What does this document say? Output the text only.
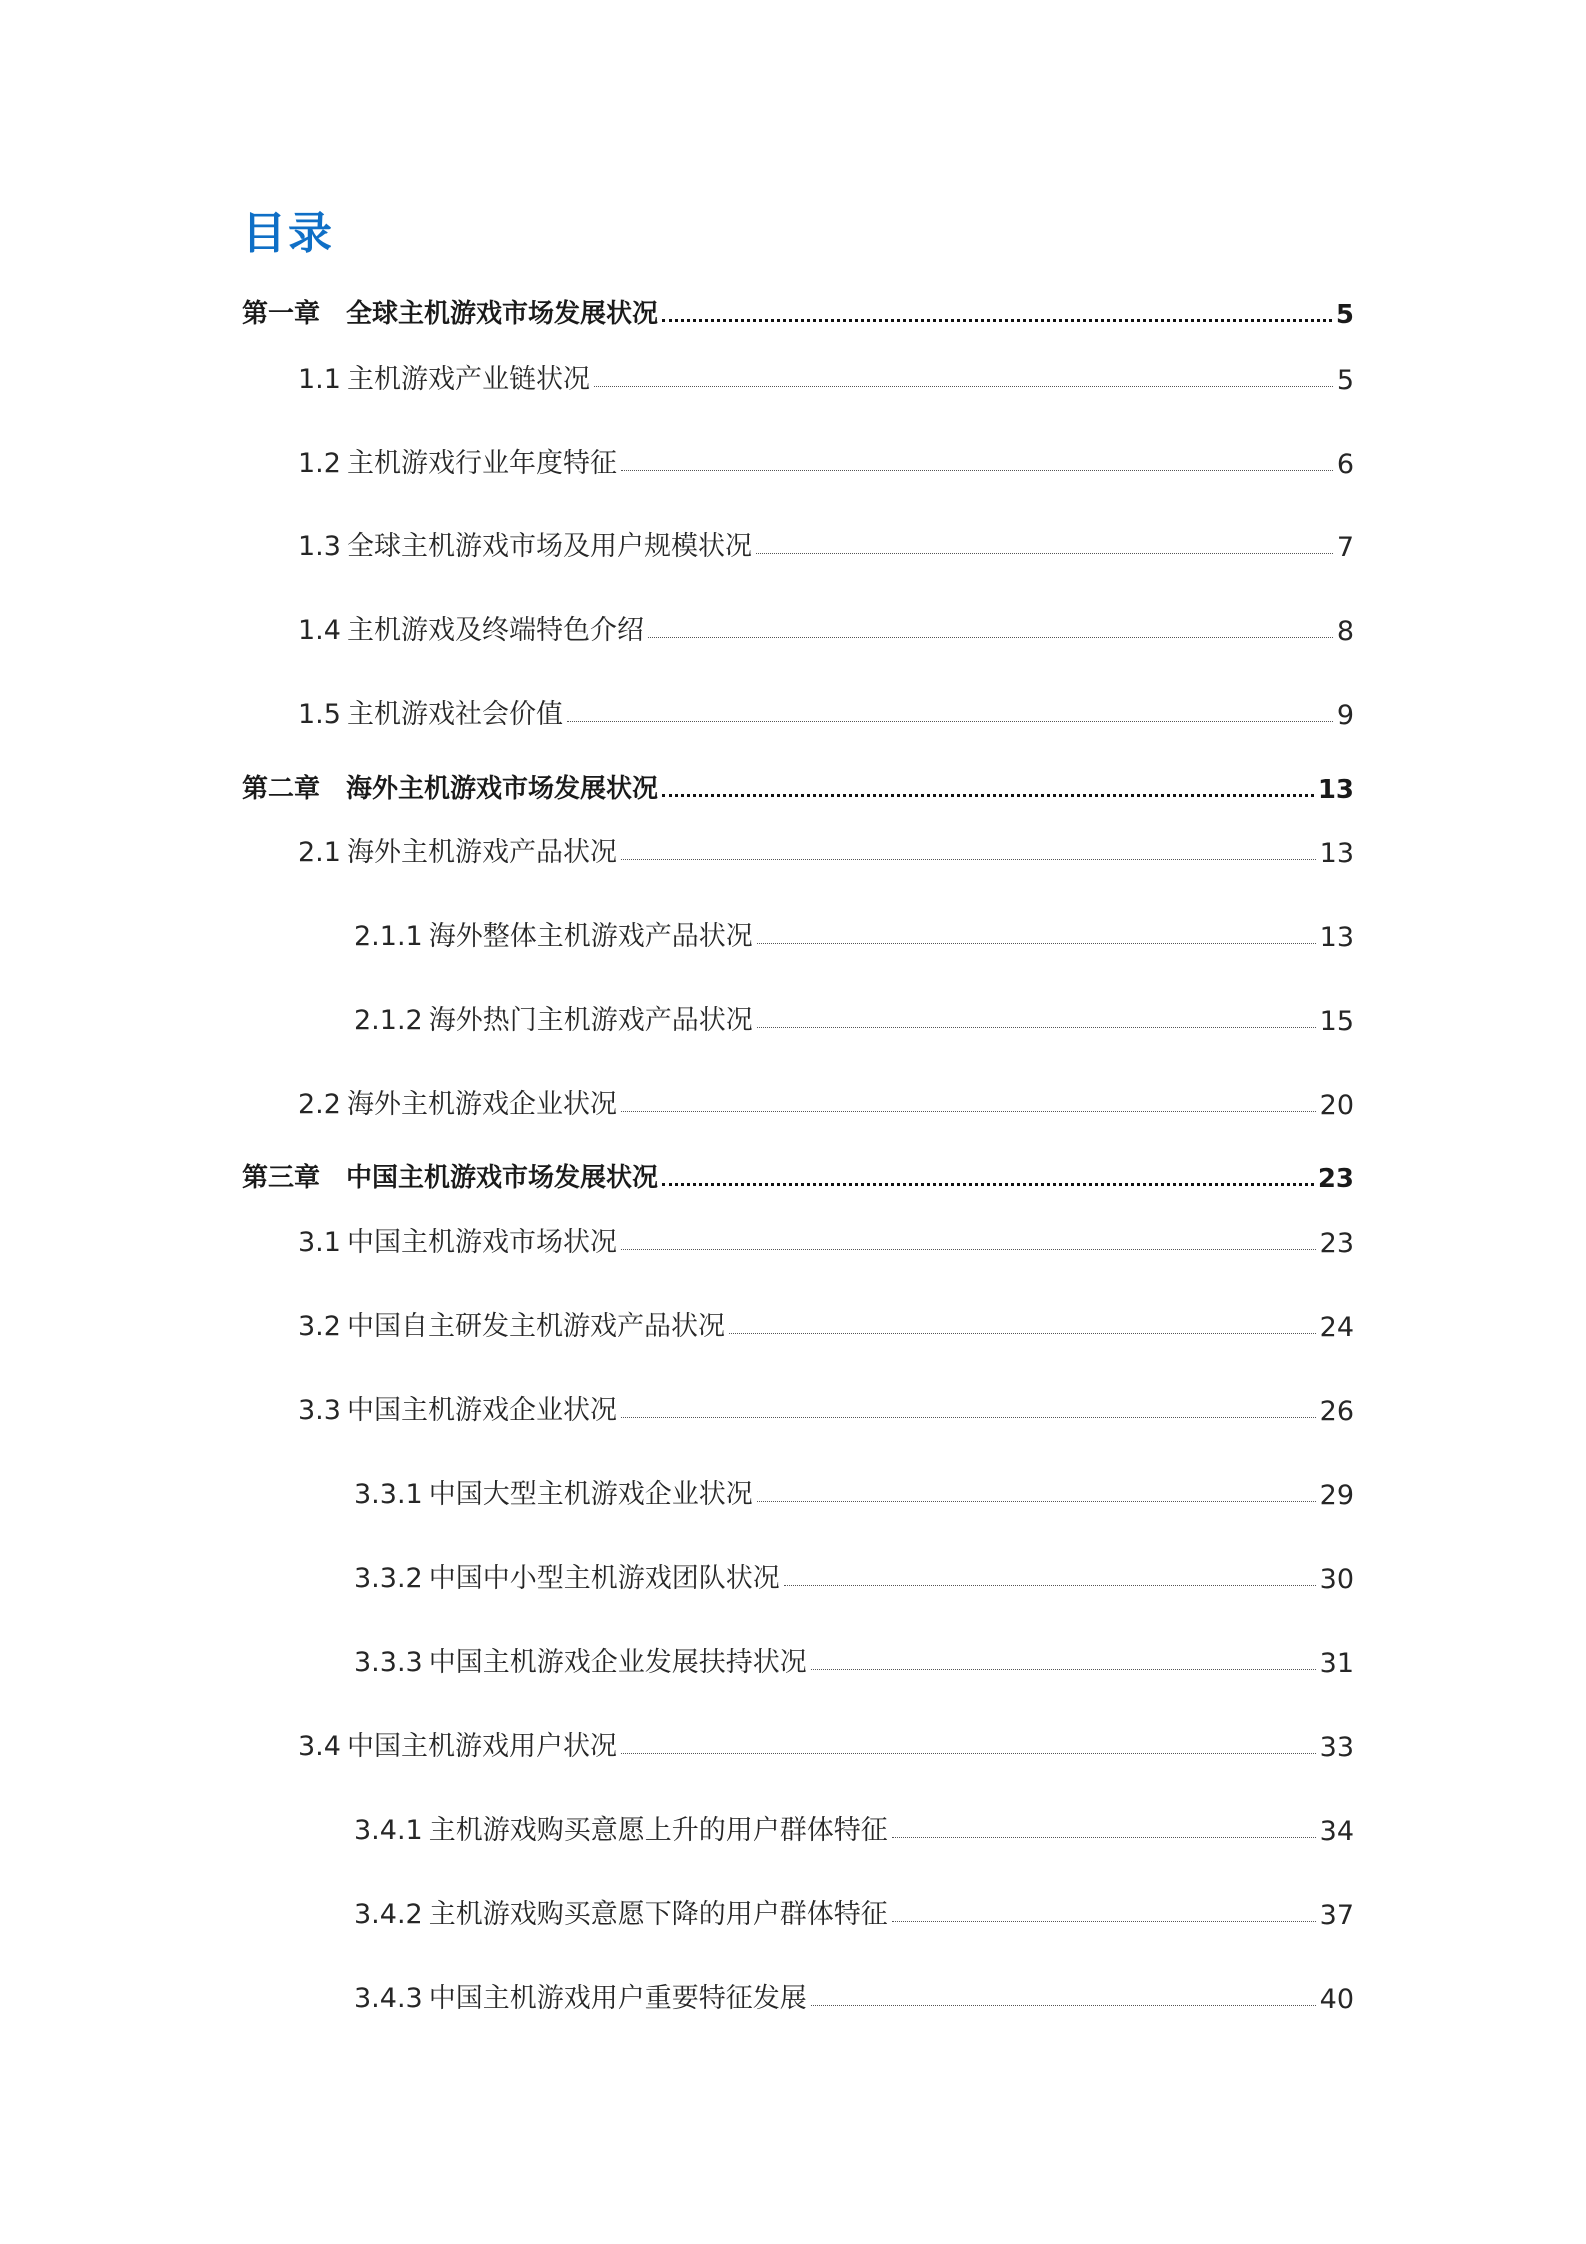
目录
第一章 全球主机游戏市场发展状况	5
1.1 主机游戏产业链状况	5
1.2 主机游戏行业年度特征	6
1.3 全球主机游戏市场及用户规模状况	7
1.4 主机游戏及终端特色介绍	8
1.5 主机游戏社会价值	9
第二章 海外主机游戏市场发展状况	13
2.1 海外主机游戏产品状况	13
2.1.1 海外整体主机游戏产品状况	13
2.1.2 海外热门主机游戏产品状况	15
2.2 海外主机游戏企业状况	20
第三章 中国主机游戏市场发展状况	23
3.1 中国主机游戏市场状况	23
3.2 中国自主研发主机游戏产品状况	24
3.3 中国主机游戏企业状况	26
3.3.1 中国大型主机游戏企业状况	29
3.3.2 中国中小型主机游戏团队状况	30
3.3.3 中国主机游戏企业发展扶持状况	31
3.4 中国主机游戏用户状况	33
3.4.1 主机游戏购买意愿上升的用户群体特征	34
3.4.2 主机游戏购买意愿下降的用户群体特征	37
3.4.3 中国主机游戏用户重要特征发展	40
